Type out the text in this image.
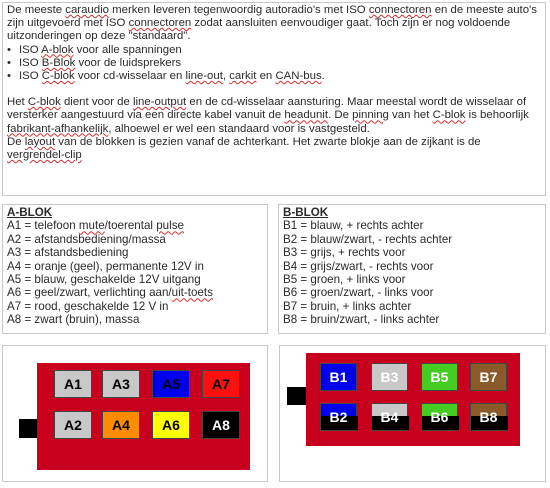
De meeste caraudio merken leveren tegenwoordig autoradio's met ISO connectoren en de meeste auto's zijn uitgevoerd met ISO connectoren zodat aansluiten eenvoudiger gaat. Toch zijn er nog voldoende uitzonderingen op deze "standaard".

• ISO A-blok voor alle spanningen
• ISO B-Blok voor de luidsprekers
• ISO C-blok voor cd-wisselaar en line-out, carkit en CAN-bus.

Het C-blok dient voor de line-output en de cd-wisselaar aansturing. Maar meestal wordt de wisselaar of versterker aangestuurd via een directe kabel vanuit de headunit. De pinning van het C-blok is behoorlijk fabrikant-afhankelijk, alhoewel er wel een standaard voor is vastgesteld.

De layout van de blokken is gezien vanaf de achterkant. Het zwarte blokje aan de zijkant is de vergrendel-clip

A-BLOK
A1 = telefoon mute/toerental pulse
A2 = afstandsbediening/massa
A3 = afstandsbediening
A4 = oranje (geel), permanente 12V in
A5 = blauw, geschakelde 12V uitgang
A6 = geel/zwart, verlichting aan/uit-toets
A7 = rood, geschakelde 12 V in
A8 = zwart (bruin), massa
B-BLOK
B1 = blauw, + rechts achter
B2 = blauw/zwart, - rechts achter
B3 = grijs, + rechts voor
B4 = grijs/zwart, - rechts voor
B5 = groen, + links voor
B6 = groen/zwart, - links voor
B7 = bruin, + links achter
B8 = bruin/zwart, - links achter
A1 A3 A5 A7
A2 A4 A6 A8
B1 B3 B5 B7
B2 B4 B6 B8
